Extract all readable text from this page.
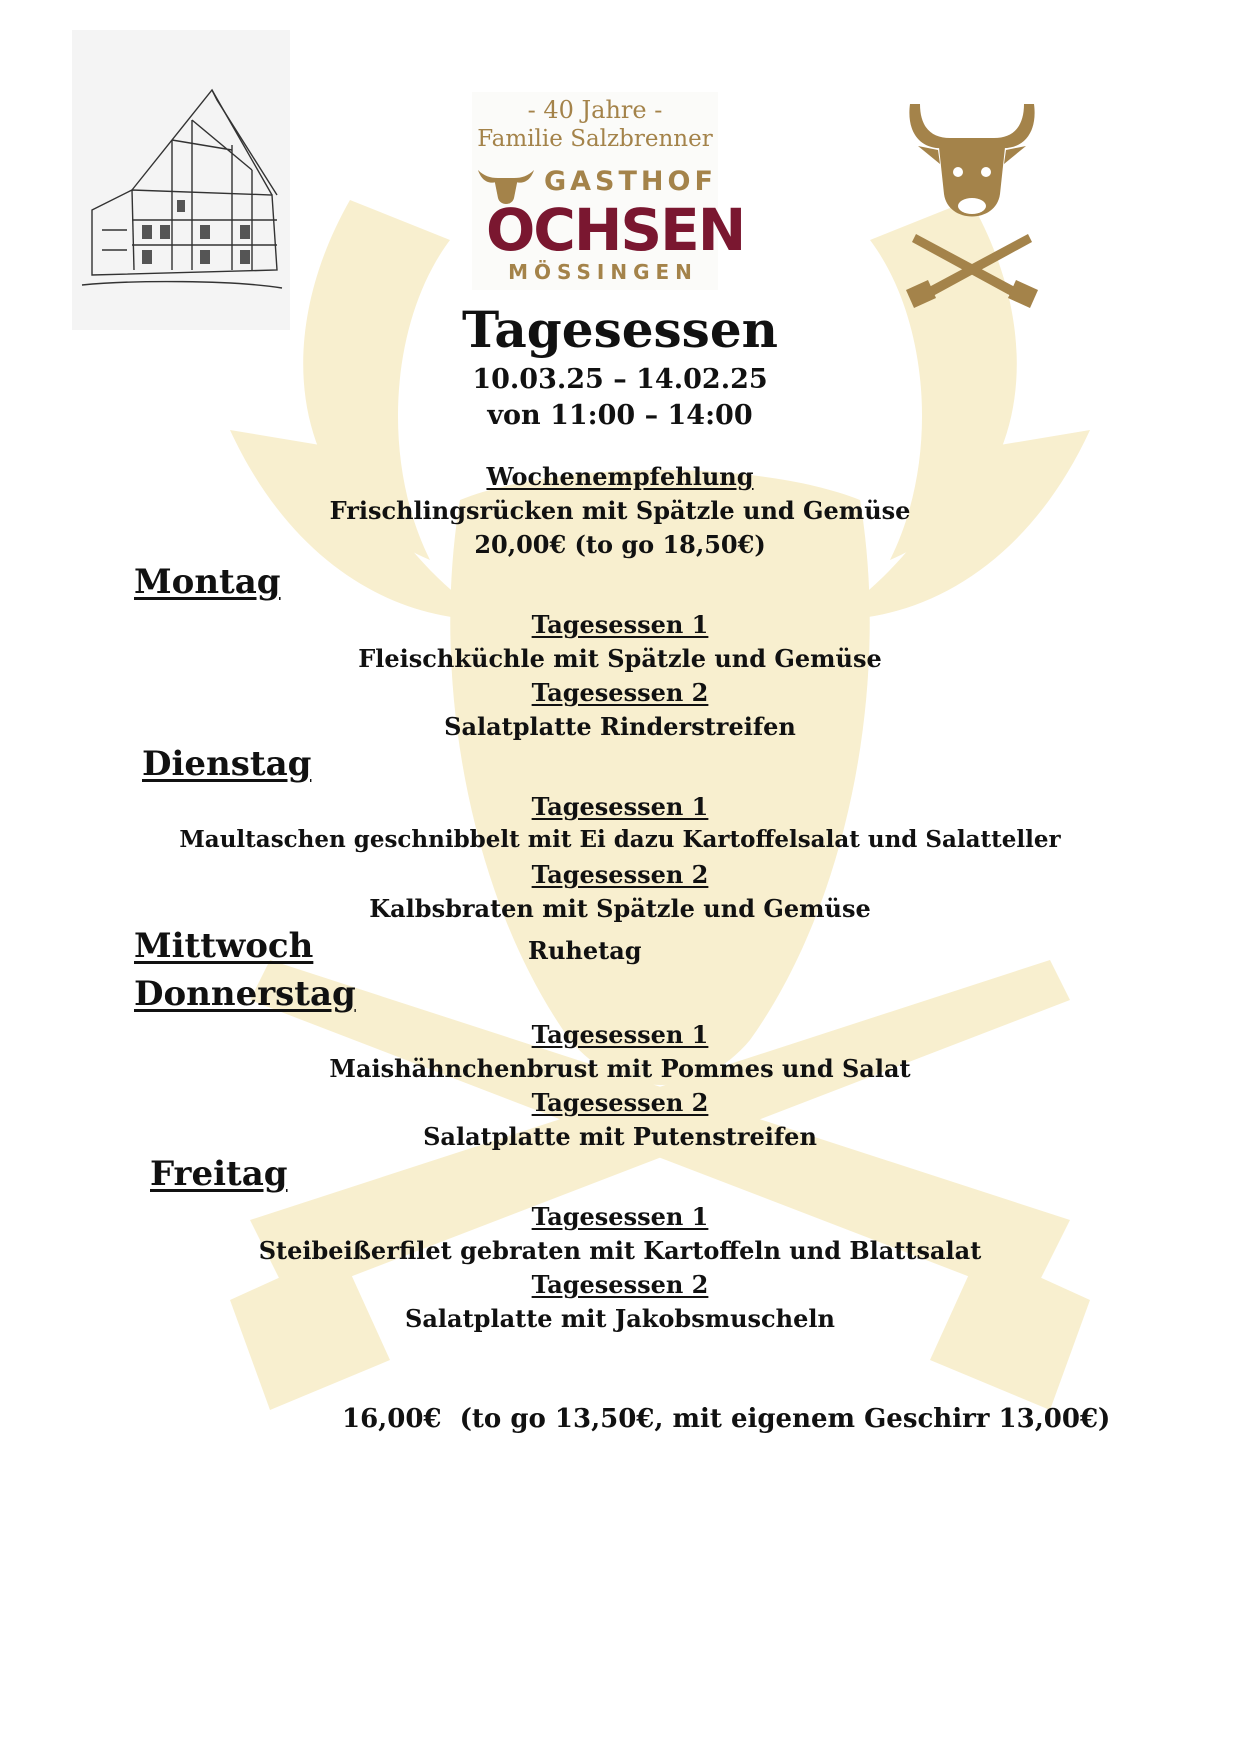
- 40 Jahre -
Familie Salzbrenner
GASTHOF
OCHSEN
MÖSSINGEN
Tagesessen
10.03.25 – 14.02.25
von 11:00 – 14:00
Wochenempfehlung
Frischlingsrücken mit Spätzle und Gemüse
20,00€ (to go 18,50€)
Montag
Tagesessen 1
Fleischküchle mit Spätzle und Gemüse
Tagesessen 2
Salatplatte Rinderstreifen
Dienstag
Tagesessen 1
Maultaschen geschnibbelt mit Ei dazu Kartoffelsalat und Salatteller
Tagesessen 2
Kalbsbraten mit Spätzle und Gemüse
Mittwoch	Ruhetag
Donnerstag
Tagesessen 1
Maishähnchenbrust mit Pommes und Salat
Tagesessen 2
Salatplatte mit Putenstreifen
Freitag
Tagesessen 1
Steibeißerfilet gebraten mit Kartoffeln und Blattsalat
Tagesessen 2
Salatplatte mit Jakobsmuscheln
16,00€  (to go 13,50€, mit eigenem Geschirr 13,00€)
